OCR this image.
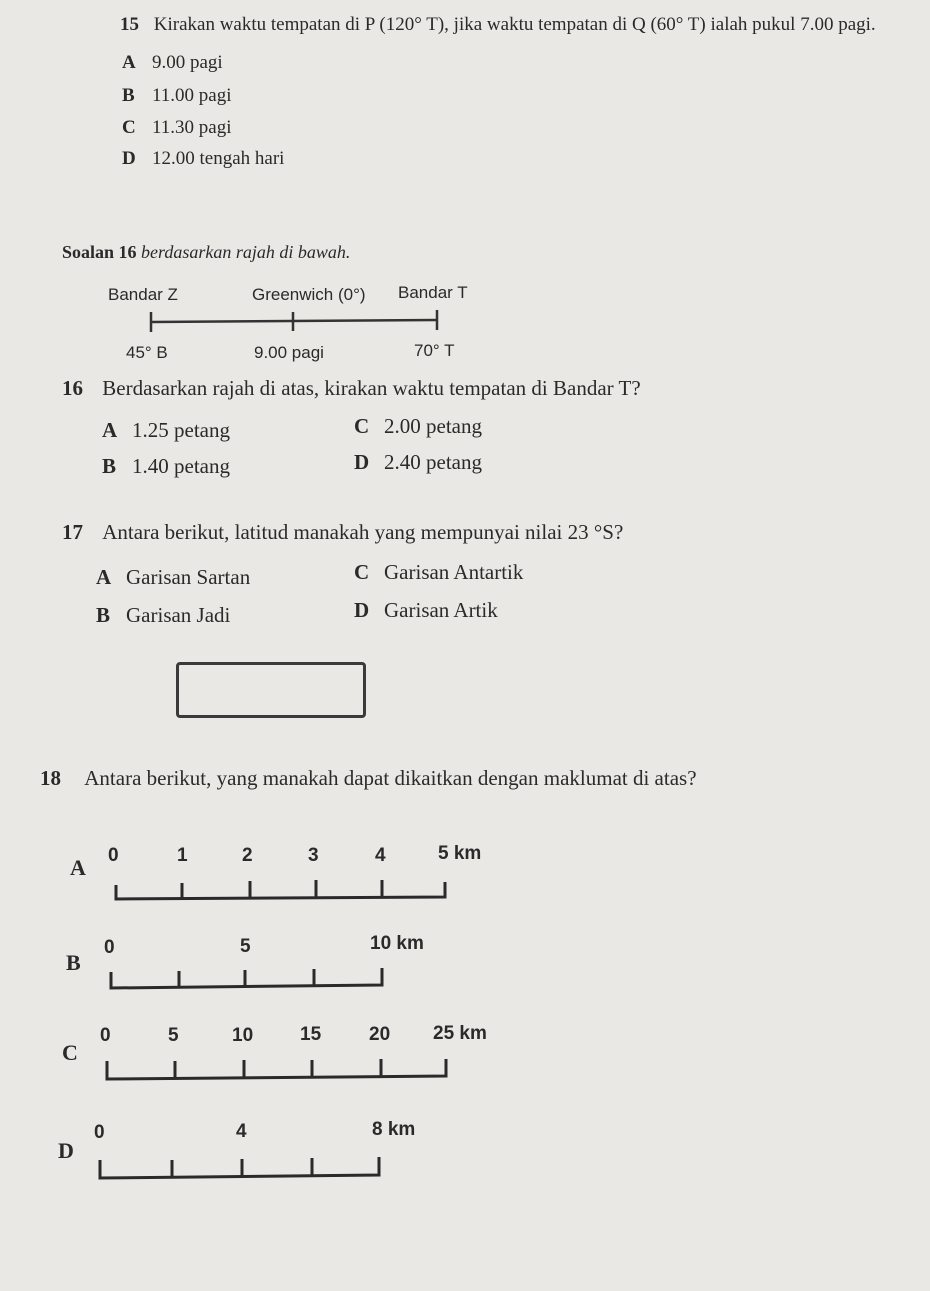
15 Kirakan waktu tempatan di P (120° T), jika waktu tempatan di Q (60° T) ialah pukul 7.00 pagi.
A 9.00 pagi
B 11.00 pagi
C 11.30 pagi
D 12.00 tengah hari
Soalan 16 berdasarkan rajah di bawah.
Bandar Z	Greenwich (0°) Bandar T
45° B	9.00 pagi	70° T
16 Berdasarkan rajah di atas, kirakan waktu tempatan di Bandar T?
A 1.25 petang	C 2.00 petang
B 1.40 petang	D 2.40 petang
17 Antara berikut, latitud manakah yang mempunyai nilai 23 °S?
A Garisan Sartan	C Garisan Antartik
B Garisan Jadi	D Garisan Artik
18 Antara berikut, yang manakah dapat dikaitkan dengan maklumat di atas?
A 0	1	2	3	4	5 km
B
0	5	10 km
C
0	5	10 15	20 25 km
D
0	4	8 km
